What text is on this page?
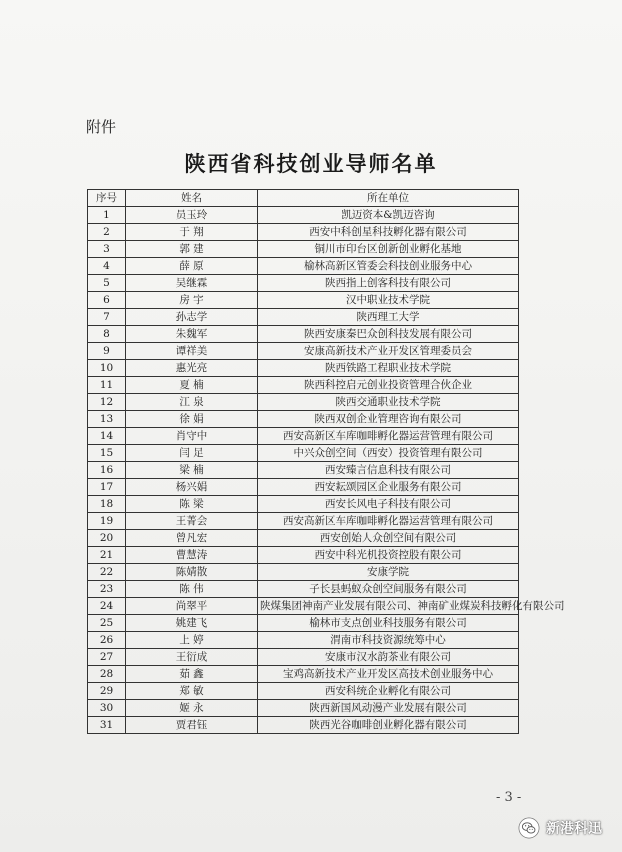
附件
陕西省科技创业导师名单
序号	姓名	所在单位
1	员玉玲	凯迈资本&凯迈咨询
2	于 翔	西安中科创星科技孵化器有限公司
3	郭 建	铜川市印台区创新创业孵化基地
4	薛 原	榆林高新区管委会科技创业服务中心
5	吴继霖	陕西指上创客科技有限公司
6	房 宇	汉中职业技术学院
7	孙志学	陕西理工大学
8	朱魏军	陕西安康秦巴众创科技发展有限公司
9	谭祥美	安康高新技术产业开发区管理委员会
10	惠光亮	陕西铁路工程职业技术学院
11	夏 楠	陕西科控启元创业投资管理合伙企业
12	江 泉	陕西交通职业技术学院
13	徐 娟	陕西双创企业管理咨询有限公司
14	肖守中	西安高新区车库咖啡孵化器运营管理有限公司
15	闫 足	中兴众创空间（西安）投资管理有限公司
16	梁 楠	西安臻言信息科技有限公司
17	杨兴娟	西安耘颂园区企业服务有限公司
18	陈 梁	西安长风电子科技有限公司
19	王菁会	西安高新区车库咖啡孵化器运营管理有限公司
20	曾凡宏	西安创始人众创空间有限公司
21	曹慧涛	西安中科光机投资控股有限公司
22	陈婧散	安康学院
23	陈 伟	子长县蚂蚁众创空间服务有限公司
24	尚翠平	陕煤集团神南产业发展有限公司、神南矿业煤炭科技孵化有限公司
25	姚建飞	榆林市支点创业科技服务有限公司
26	上 婷	渭南市科技资源统筹中心
27	王衍成	安康市汉水韵茶业有限公司
28	茹 鑫	宝鸡高新技术产业开发区高技术创业服务中心
29	郑 敏	西安科统企业孵化有限公司
30	姬 永	陕西新国风动漫产业发展有限公司
31	贾君钰	陕西光谷咖啡创业孵化器有限公司
- 3 -
新港科迅
